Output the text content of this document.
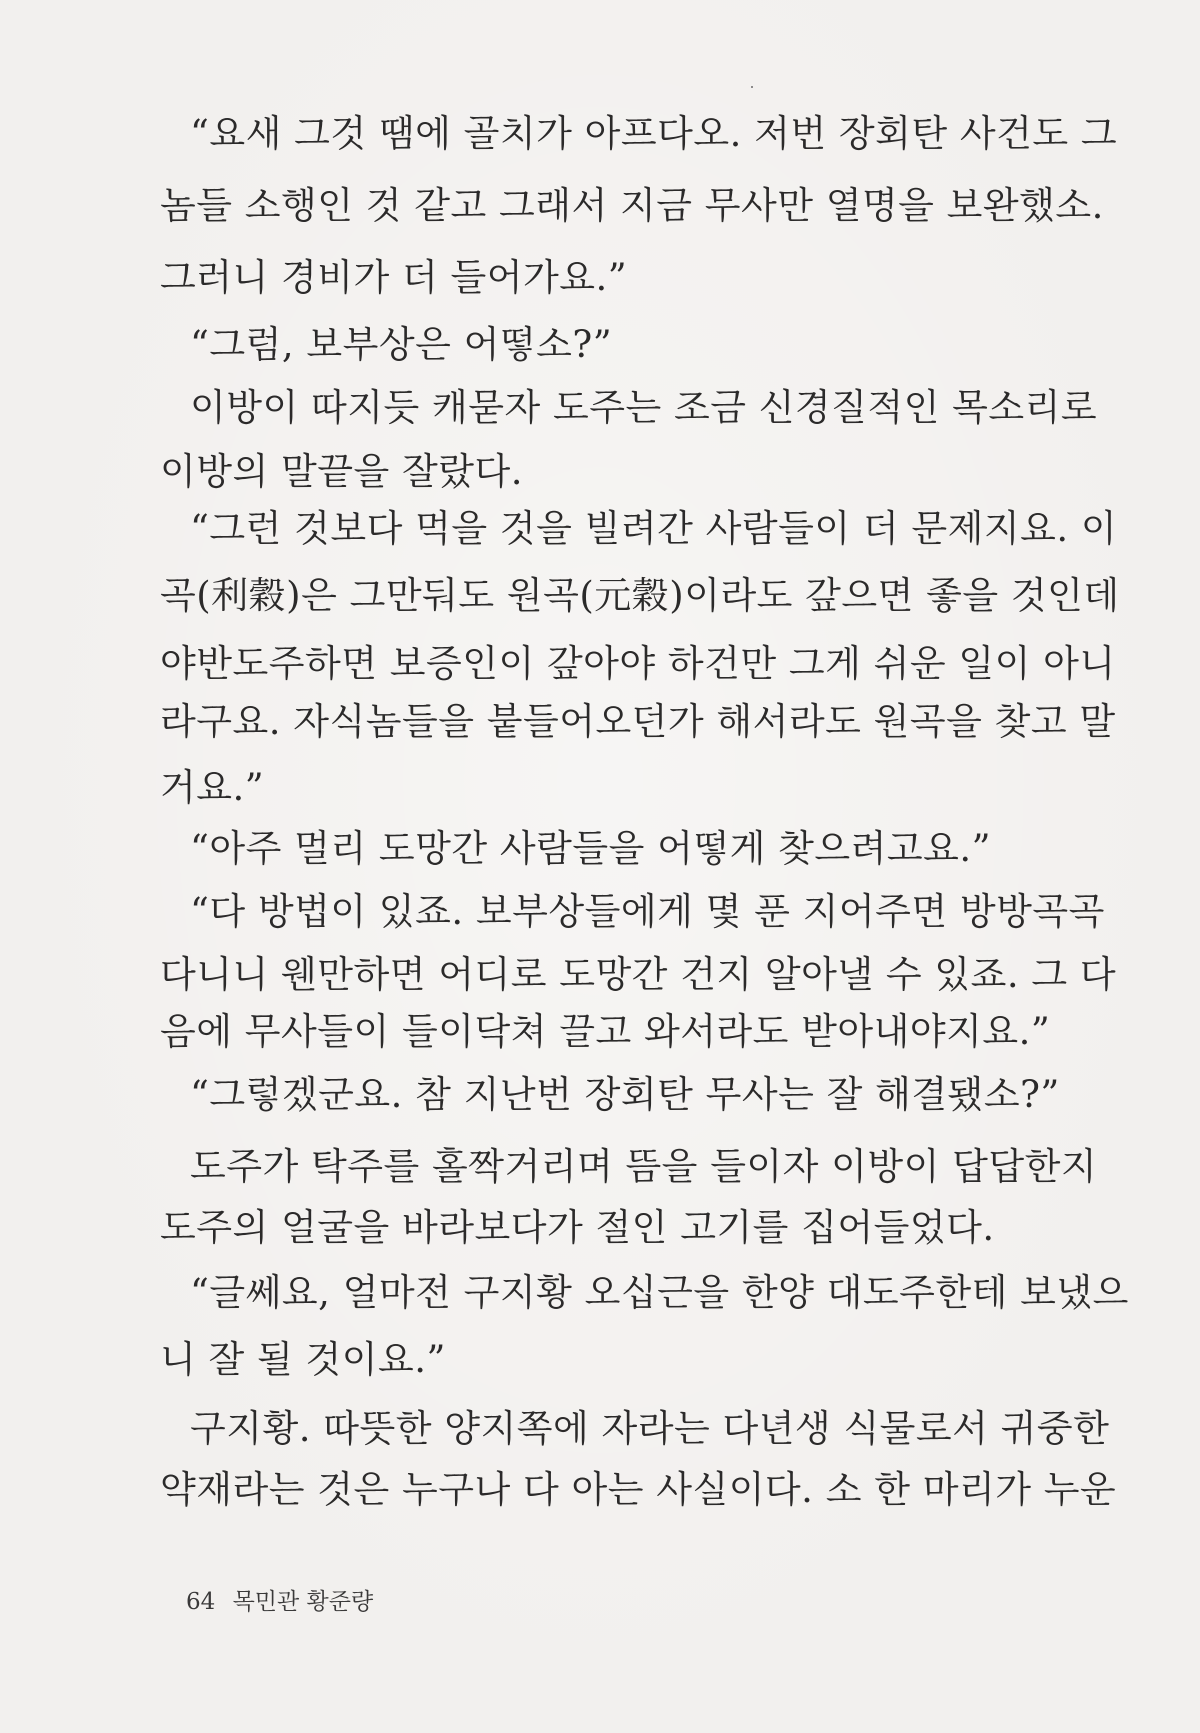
“요새 그것 땜에 골치가 아프다오. 저번 장회탄 사건도 그
놈들 소행인 것 같고 그래서 지금 무사만 열명을 보완했소.
그러니 경비가 더 들어가요.”
“그럼, 보부상은 어떻소?”
이방이 따지듯 캐묻자 도주는 조금 신경질적인 목소리로
이방의 말끝을 잘랐다.
“그런 것보다 먹을 것을 빌려간 사람들이 더 문제지요. 이
곡(利穀)은 그만둬도 원곡(元穀)이라도 갚으면 좋을 것인데
야반도주하면 보증인이 갚아야 하건만 그게 쉬운 일이 아니
라구요. 자식놈들을 붙들어오던가 해서라도 원곡을 찾고 말
거요.”
“아주 멀리 도망간 사람들을 어떻게 찾으려고요.”
“다 방법이 있죠. 보부상들에게 몇 푼 지어주면 방방곡곡
다니니 웬만하면 어디로 도망간 건지 알아낼 수 있죠. 그 다
음에 무사들이 들이닥쳐 끌고 와서라도 받아내야지요.”
“그렇겠군요. 참 지난번 장회탄 무사는 잘 해결됐소?”
도주가 탁주를 홀짝거리며 뜸을 들이자 이방이 답답한지
도주의 얼굴을 바라보다가 절인 고기를 집어들었다.
“글쎄요, 얼마전 구지황 오십근을 한양 대도주한테 보냈으
니 잘 될 것이요.”
구지황. 따뜻한 양지쪽에 자라는 다년생 식물로서 귀중한
약재라는 것은 누구나 다 아는 사실이다. 소 한 마리가 누운
64 목민관 황준량
